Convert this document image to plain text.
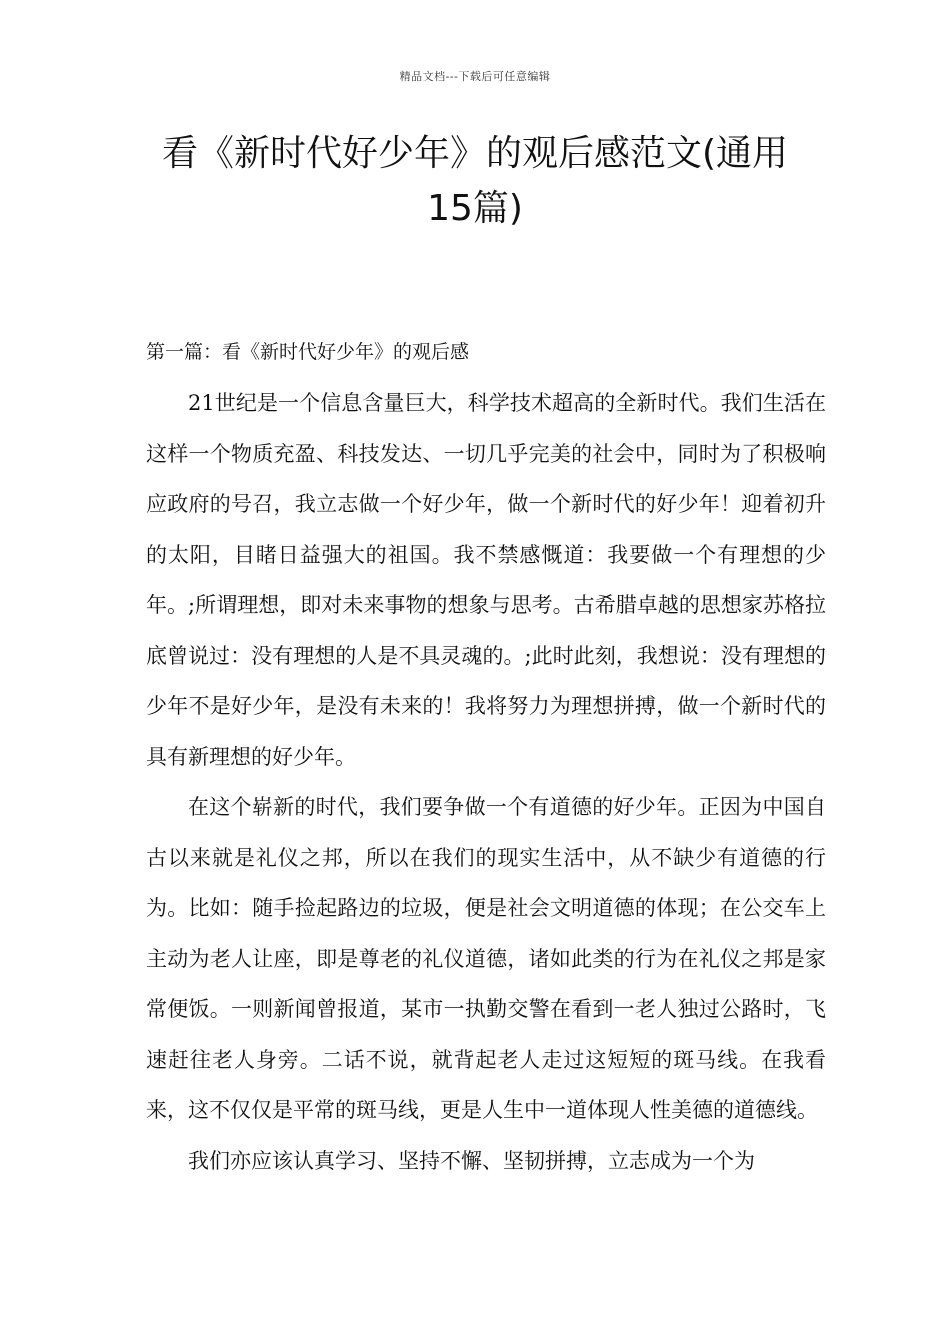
精品文档---下载后可任意编辑
看《新时代好少年》的观后感范文(通用15篇)
第一篇：看《新时代好少年》的观后感

21世纪是一个信息含量巨大，科学技术超高的全新时代。我们生活在这样一个物质充盈、科技发达、一切几乎完美的社会中，同时为了积极响应政府的号召，我立志做一个好少年，做一个新时代的好少年！迎着初升的太阳，目睹日益强大的祖国。我不禁感慨道：我要做一个有理想的少年。;所谓理想，即对未来事物的想象与思考。古希腊卓越的思想家苏格拉底曾说过：没有理想的人是不具灵魂的。;此时此刻，我想说：没有理想的少年不是好少年，是没有未来的！我将努力为理想拼搏，做一个新时代的具有新理想的好少年。

在这个崭新的时代，我们要争做一个有道德的好少年。正因为中国自古以来就是礼仪之邦，所以在我们的现实生活中，从不缺少有道德的行为。比如：随手捡起路边的垃圾，便是社会文明道德的体现；在公交车上主动为老人让座，即是尊老的礼仪道德，诸如此类的行为在礼仪之邦是家常便饭。一则新闻曾报道，某市一执勤交警在看到一老人独过公路时，飞速赶往老人身旁。二话不说，就背起老人走过这短短的斑马线。在我看来，这不仅仅是平常的斑马线，更是人生中一道体现人性美德的道德线。

我们亦应该认真学习、坚持不懈、坚韧拼搏，立志成为一个为
